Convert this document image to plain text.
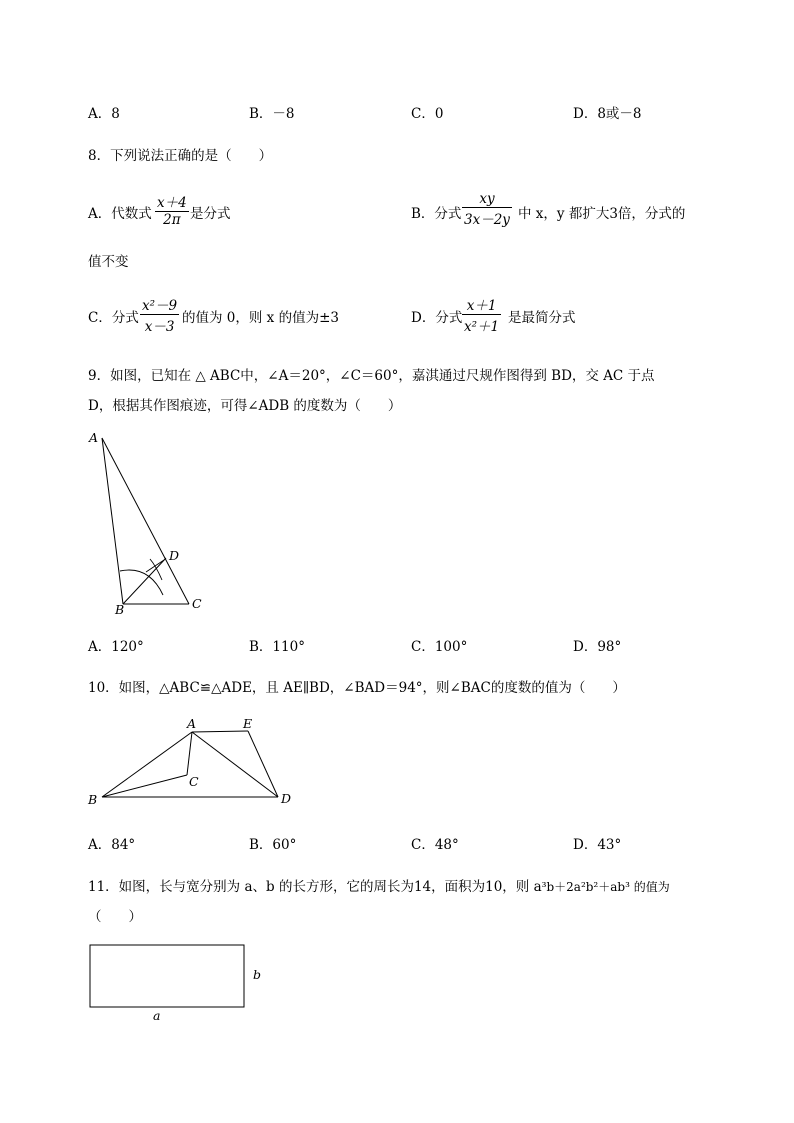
A．8	B．－8	C．0	D．8或－8
8．下列说法正确的是（　　）
A．代数式 $\frac{x+4}{2\pi}$ 是分式	B．分式 $\frac{xy}{3x-2y}$ 中 x，y 都扩大3倍，分式的
值不变
C．分式 $\frac{\text{x²－9}}{x-3}$ 的值为 0，则 x 的值为±3	D．分式 $\frac{x+1}{\text{x²＋1}}$ 是最简分式
9．如图，已知在 △ ABC中，∠A＝20°，∠C＝60°，嘉淇通过尺规作图得到 BD，交 AC 于点
D，根据其作图痕迹，可得∠ADB 的度数为（　　）
A
B	C
D
A．120°	B．110°	C．100°	D．98°
10．如图，△ABC≌△ADE，且 AE∥BD，∠BAD＝94°，则∠BAC的度数的值为（　　）
A	E
B
C
D
A．84°	B．60°	C．48°	D．43°
11．如图，长与宽分别为 a、b 的长方形，它的周长为14，面积为10，则 a³b＋2a²b²＋ab³ 的值为
（　　）
b
a
